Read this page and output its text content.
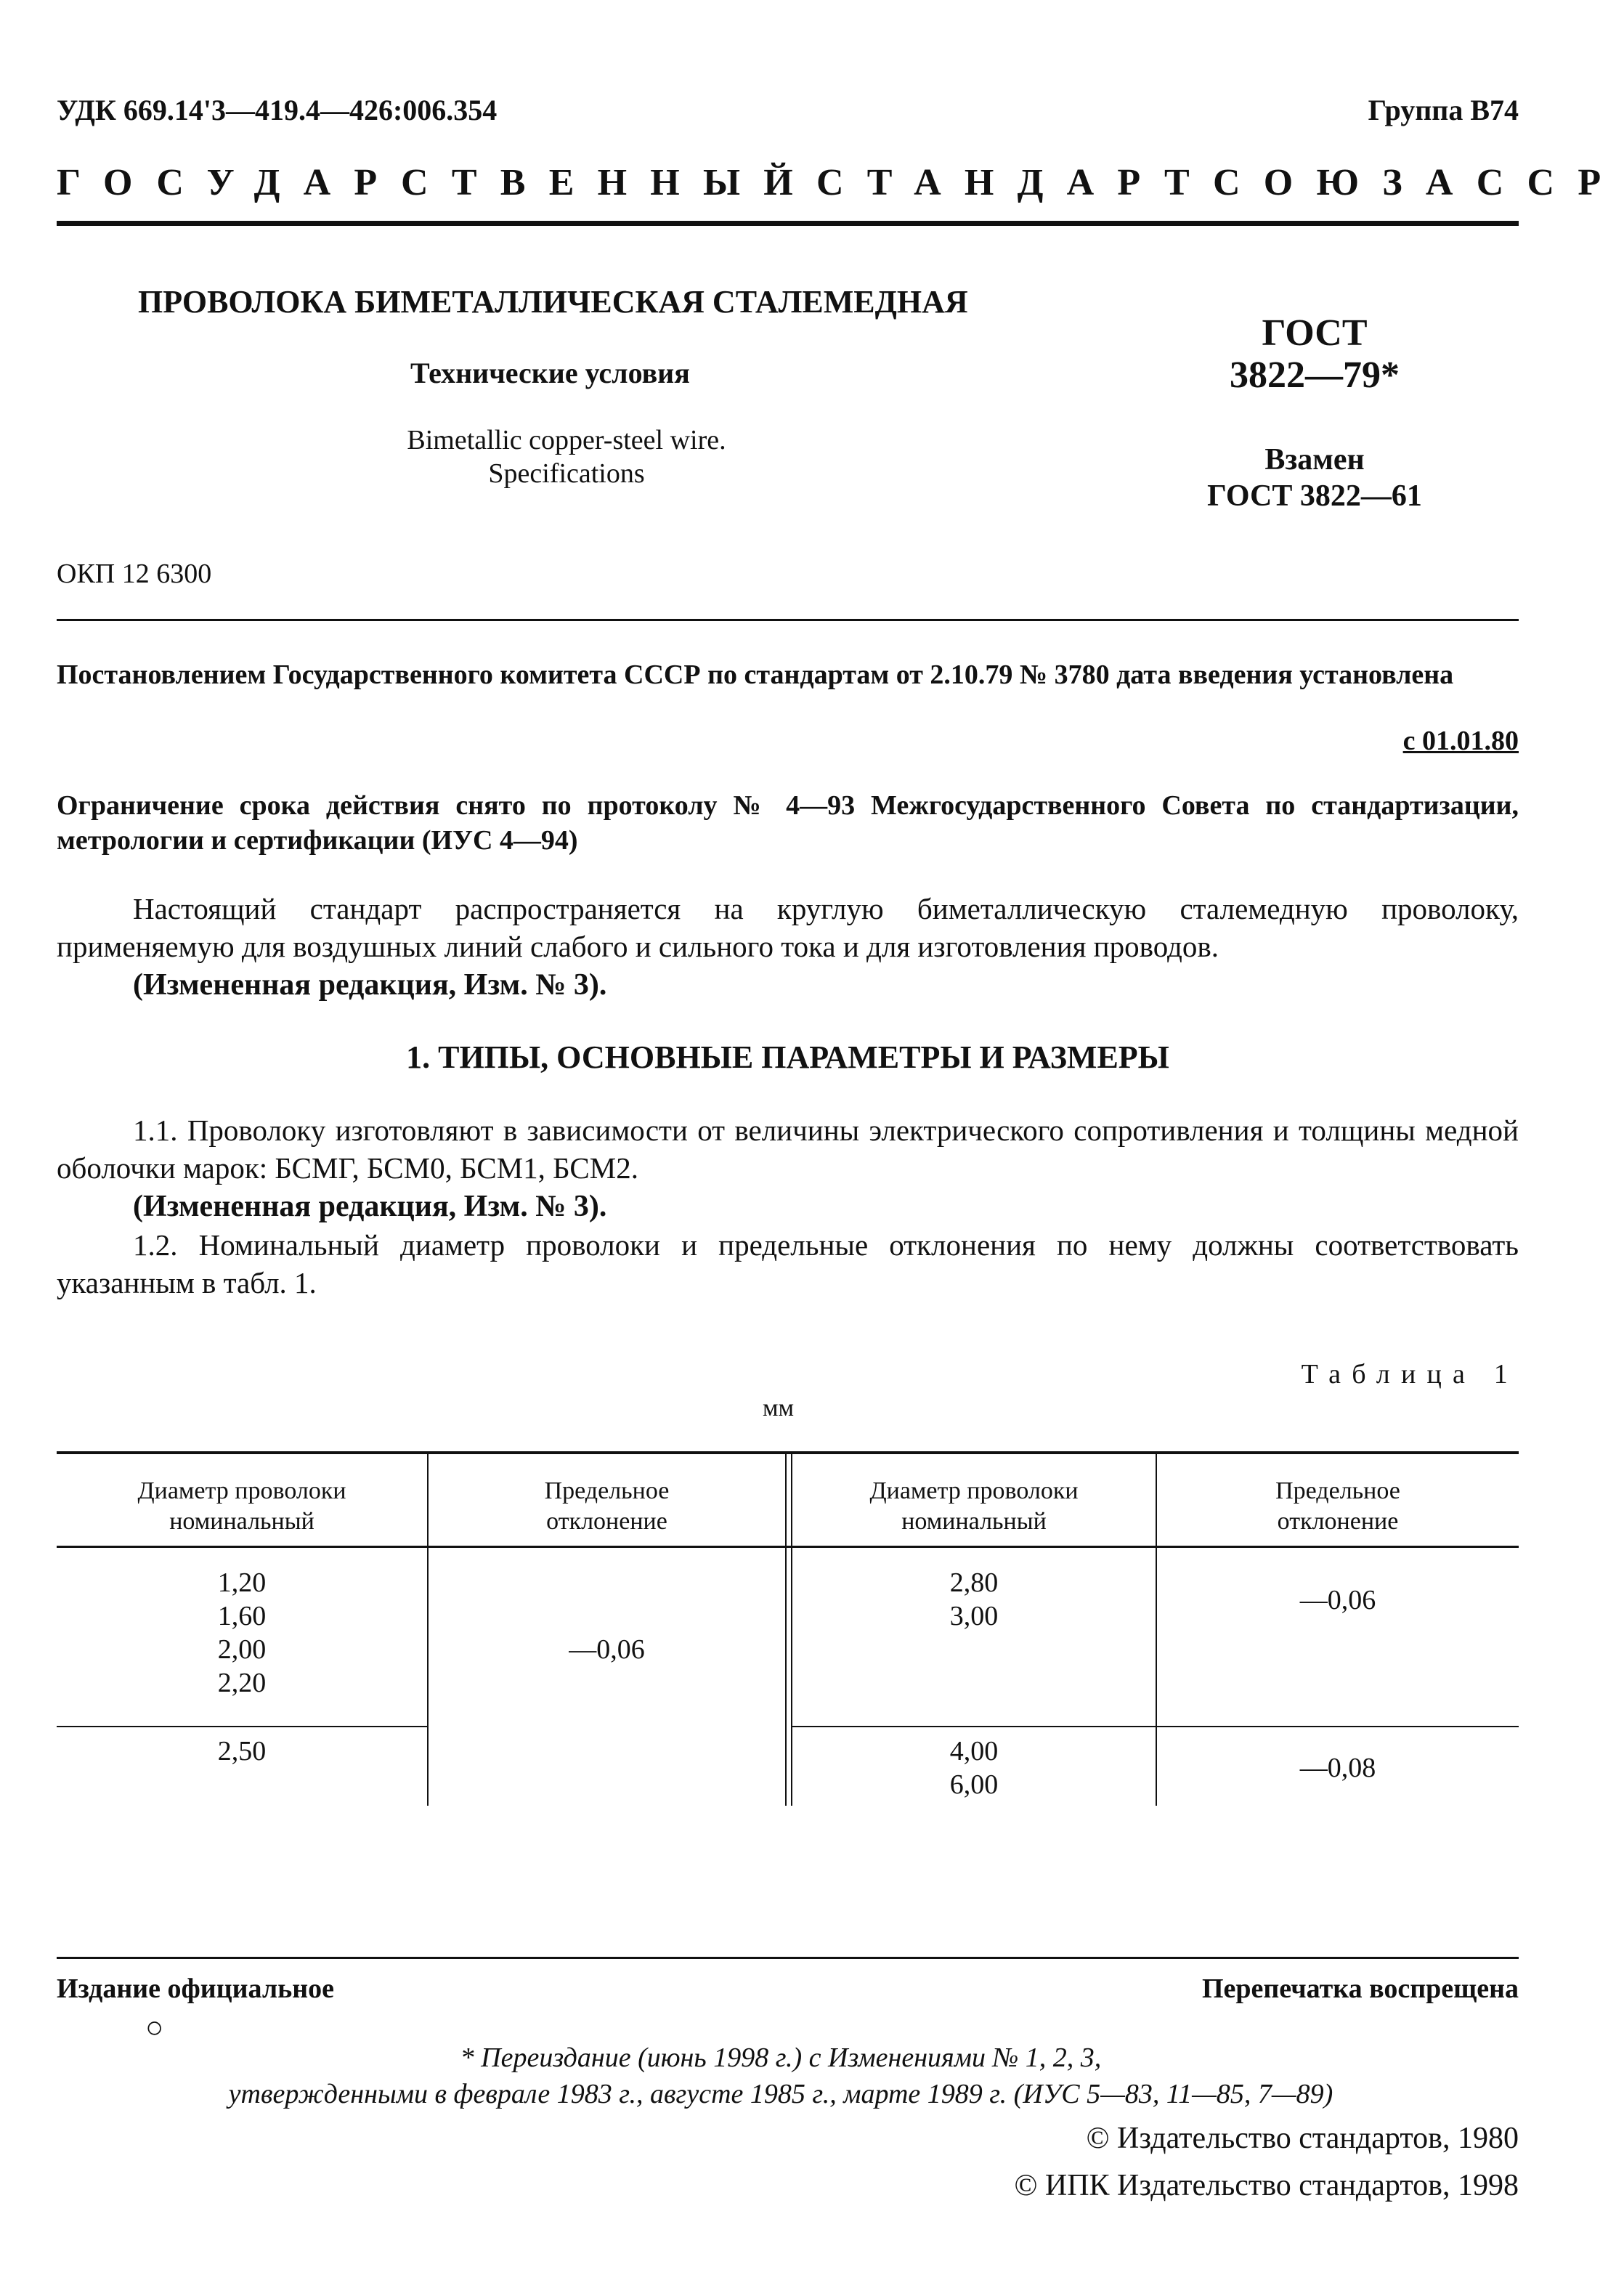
УДК 669.14'3—419.4—426:006.354	Группа В74
ГОСУДАРСТВЕННЫЙ СТАНДАРТ СОЮЗА ССР
ПРОВОЛОКА БИМЕТАЛЛИЧЕСКАЯ СТАЛЕМЕДНАЯ
Технические условия
Bimetallic copper-steel wire.
Specifications
ГОСТ
3822—79*
Взамен
ГОСТ 3822—61
ОКП 12 6300
Постановлением Государственного комитета СССР по стандартам от 2.10.79 № 3780 дата введения установлена
с 01.01.80
Ограничение срока действия снято по протоколу № 4—93 Межгосударственного Совета по стандартизации, метрологии и сертификации (ИУС 4—94)
Настоящий стандарт распространяется на круглую биметаллическую сталемедную проволоку, применяемую для воздушных линий слабого и сильного тока и для изготовления проводов.
(Измененная редакция, Изм. № 3).
1. ТИПЫ, ОСНОВНЫЕ ПАРАМЕТРЫ И РАЗМЕРЫ
1.1. Проволоку изготовляют в зависимости от величины электрического сопротивления и толщины медной оболочки марок: БСМГ, БСМ0, БСМ1, БСМ2.
(Измененная редакция, Изм. № 3).
1.2. Номинальный диаметр проволоки и предельные отклонения по нему должны соответствовать указанным в табл. 1.
Таблица 1
мм
Диаметр проволоки
номинальный
Предельное
отклонение
Диаметр проволоки
номинальный
Предельное
отклонение
1,20
1,60
2,00
2,20
2,50
—0,06
2,80
3,00
—0,06
4,00
6,00
—0,08
Издание официальное	Перепечатка воспрещена
○
* Переиздание (июнь 1998 г.) с Изменениями № 1, 2, 3,
утвержденными в феврале 1983 г., августе 1985 г., марте 1989 г. (ИУС 5—83, 11—85, 7—89)
© Издательство стандартов, 1980
© ИПК Издательство стандартов, 1998
